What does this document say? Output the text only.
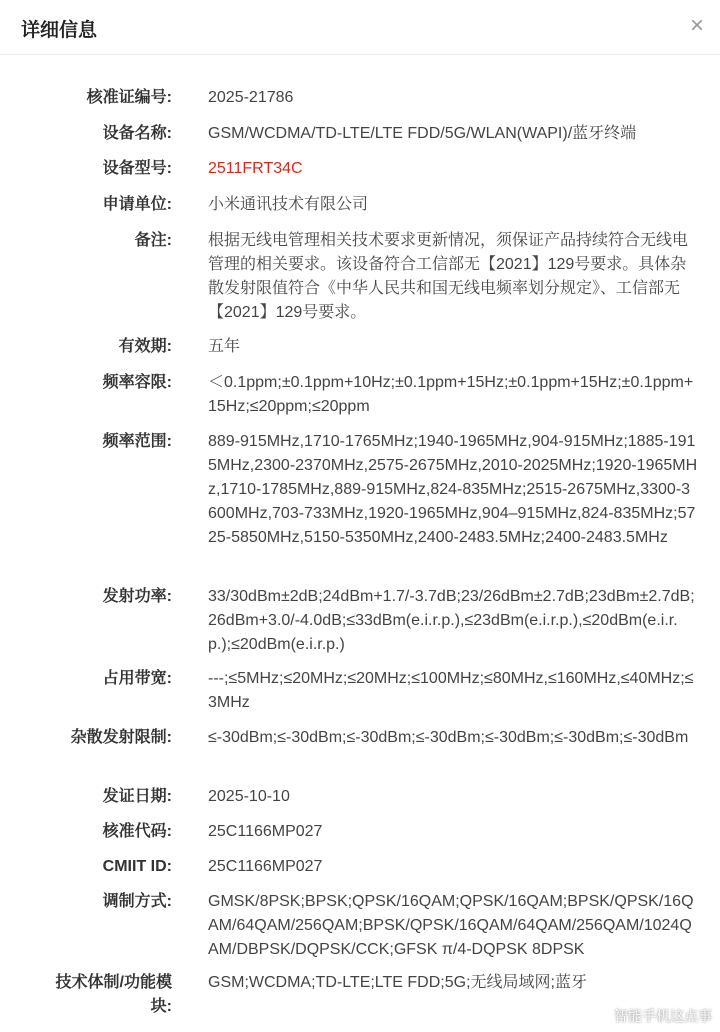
详细信息	×
核准证编号: 2025-21786
设备名称: GSM/WCDMA/TD-LTE/LTE FDD/5G/WLAN(WAPI)/蓝牙终端
设备型号: 2511FRT34C
申请单位: 小米通讯技术有限公司
备注: 根据无线电管理相关技术要求更新情况，须保证产品持续符合无线电管理的相关要求。该设备符合工信部无【2021】129号要求。具体杂散发射限值符合《中华人民共和国无线电频率划分规定》、工信部无【2021】129号要求。
有效期: 五年
频率容限: ＜0.1ppm;±0.1ppm+10Hz;±0.1ppm+15Hz;±0.1ppm+15Hz;±0.1ppm+15Hz;≤20ppm;≤20ppm
频率范围: 889-915MHz,1710-1765MHz;1940-1965MHz,904-915MHz;1885-1915MHz,2300-2370MHz,2575-2675MHz,2010-2025MHz;1920-1965MHz,1710-1785MHz,889-915MHz,824-835MHz;2515-2675MHz,3300-3600MHz,703-733MHz,1920-1965MHz,904–915MHz,824-835MHz;5725-5850MHz,5150-5350MHz,2400-2483.5MHz;2400-2483.5MHz
发射功率: 33/30dBm±2dB;24dBm+1.7/-3.7dB;23/26dBm±2.7dB;23dBm±2.7dB;26dBm+3.0/-4.0dB;≤33dBm(e.i.r.p.),≤23dBm(e.i.r.p.),≤20dBm(e.i.r.p.);≤20dBm(e.i.r.p.)
占用带宽: ---;≤5MHz;≤20MHz;≤20MHz;≤100MHz;≤80MHz,≤160MHz,≤40MHz;≤3MHz
杂散发射限制: ≤-30dBm;≤-30dBm;≤-30dBm;≤-30dBm;≤-30dBm;≤-30dBm;≤-30dBm
发证日期: 2025-10-10
核准代码: 25C1166MP027
CMIIT ID: 25C1166MP027
调制方式: GMSK/8PSK;BPSK;QPSK/16QAM;QPSK/16QAM;BPSK/QPSK/16QAM/64QAM/256QAM;BPSK/QPSK/16QAM/64QAM/256QAM/1024QAM/DBPSK/DQPSK/CCK;GFSK π/4-DQPSK 8DPSK
技术体制/功能模块:
GSM;WCDMA;TD-LTE;LTE FDD;5G;无线局域网;蓝牙
智能手机这点事
